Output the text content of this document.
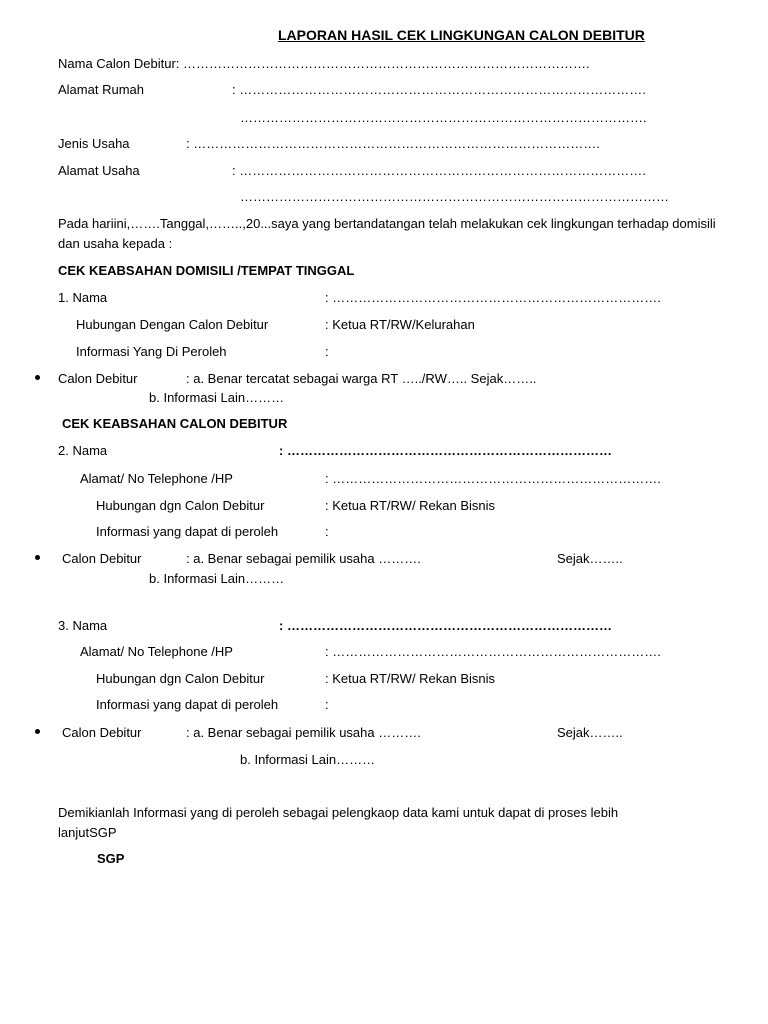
LAPORAN HASIL CEK LINGKUNGAN CALON DEBITUR
Nama Calon Debitur: ………………………………………………………………………………….
Alamat Rumah	: ………………………………………………………………………………….
………………………………………………………………………………….
Jenis Usaha	: ………………………………………………………………………………….
Alamat Usaha	: ………………………………………………………………………………….
………………………………………………………………………………………
Pada hariini,…….Tanggal,……..,20...saya yang bertandatangan telah melakukan cek lingkungan terhadap domisili
dan usaha kepada :
CEK KEABSAHAN DOMISILI /TEMPAT TINGGAL
1. Nama	: ………………………………………………………………….
Hubungan Dengan Calon Debitur	: Ketua RT/RW/Kelurahan
Informasi Yang Di Peroleh	:
Calon Debitur	: a. Benar tercatat sebagai warga RT …../RW….. Sejak……..
b. Informasi Lain………
CEK KEABSAHAN CALON DEBITUR
2. Nama	: …………………………………………………………………
Alamat/ No Telephone /HP	: ………………………………………………………………….
Hubungan dgn Calon Debitur	: Ketua RT/RW/ Rekan Bisnis
Informasi yang dapat di peroleh	:
Calon Debitur	: a. Benar sebagai pemilik usaha ……….	Sejak……..
b. Informasi Lain………
3. Nama	: …………………………………………………………………
Alamat/ No Telephone /HP	: ………………………………………………………………….
Hubungan dgn Calon Debitur	: Ketua RT/RW/ Rekan Bisnis
Informasi yang dapat di peroleh	:
Calon Debitur	: a. Benar sebagai pemilik usaha ……….	Sejak……..
b. Informasi Lain………
Demikianlah Informasi yang di peroleh sebagai pelengkaop data kami untuk dapat di proses lebih
lanjutSGP
SGP
